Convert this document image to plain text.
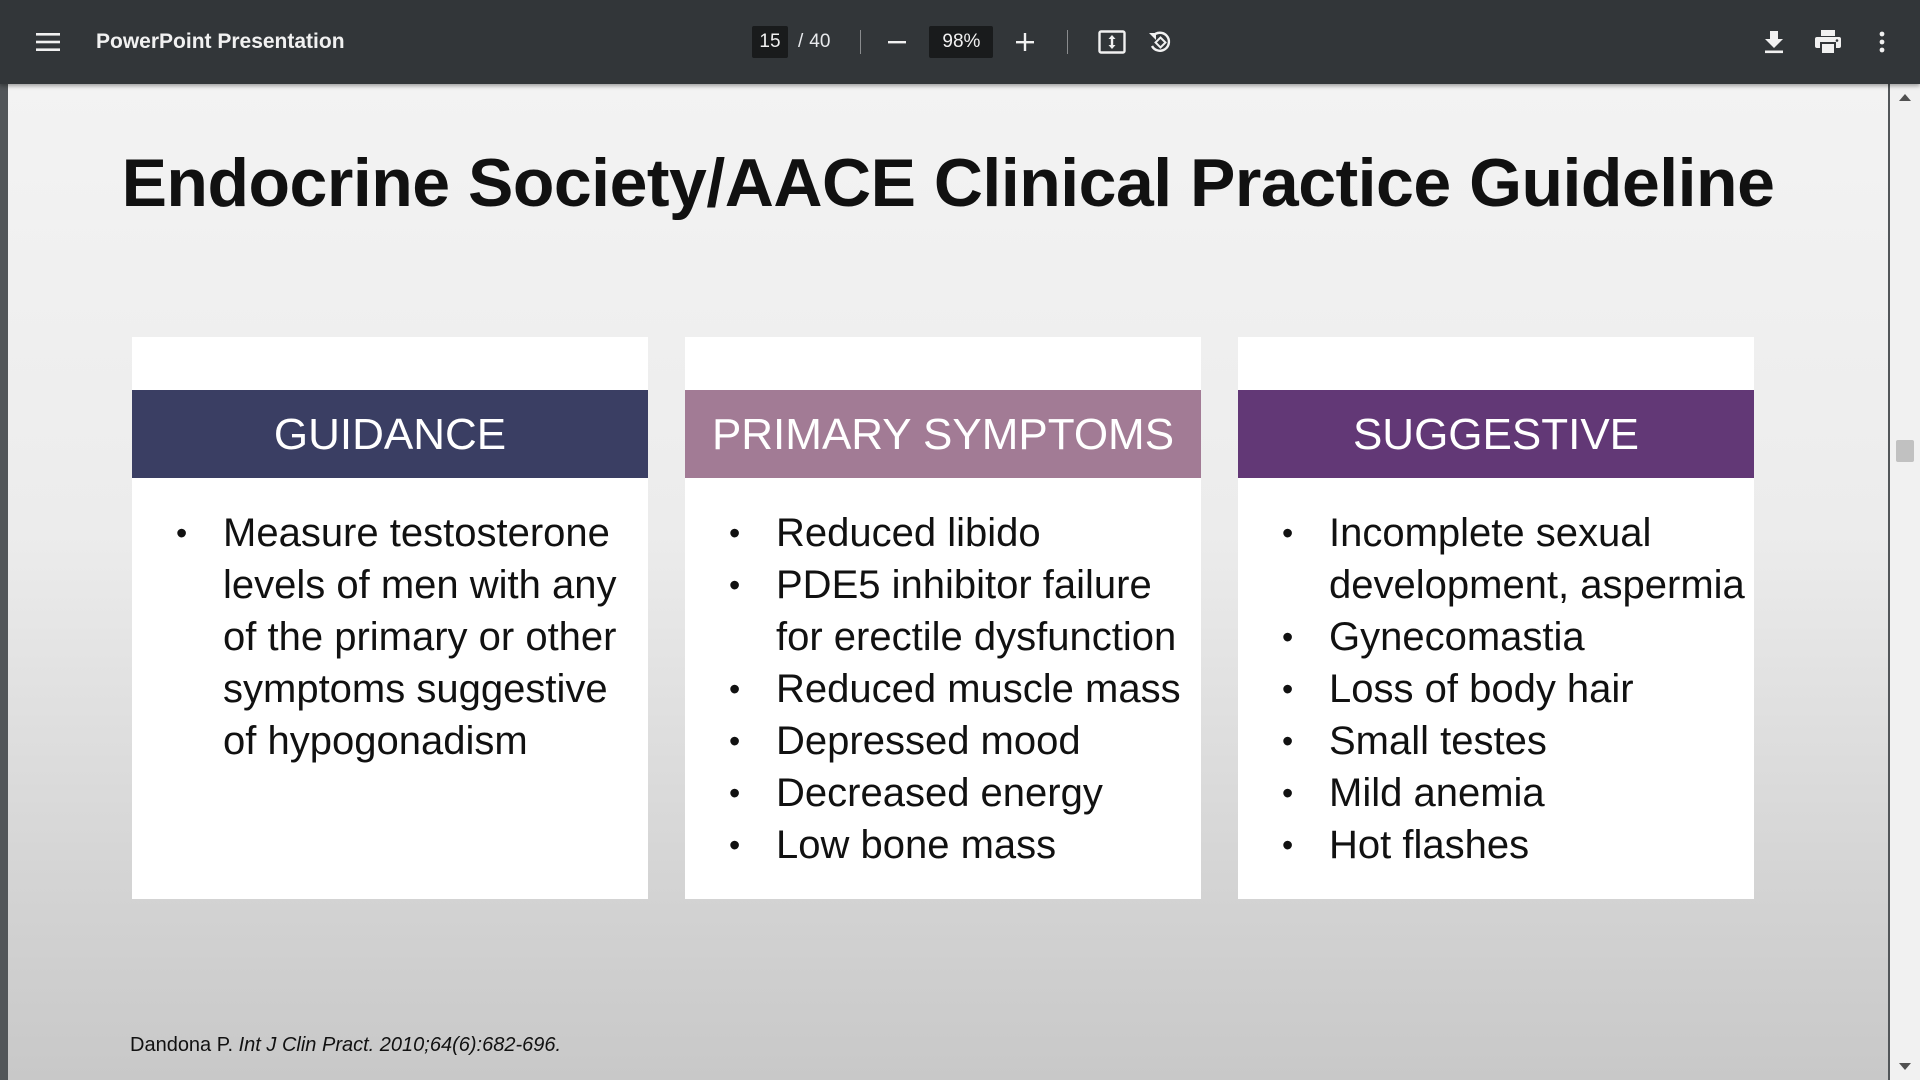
PowerPoint Presentation	15 / 40	98%
Endocrine Society/AACE Clinical Practice Guideline
GUIDANCE
• Measure testosterone levels of men with any of the primary or other symptoms suggestive of hypogonadism
PRIMARY SYMPTOMS
• Reduced libido
• PDE5 inhibitor failure for erectile dysfunction
• Reduced muscle mass
• Depressed mood
• Decreased energy
• Low bone mass
SUGGESTIVE
• Incomplete sexual development, aspermia
• Gynecomastia
• Loss of body hair
• Small testes
• Mild anemia
• Hot flashes
Dandona P. Int J Clin Pract. 2010;64(6):682-696.
